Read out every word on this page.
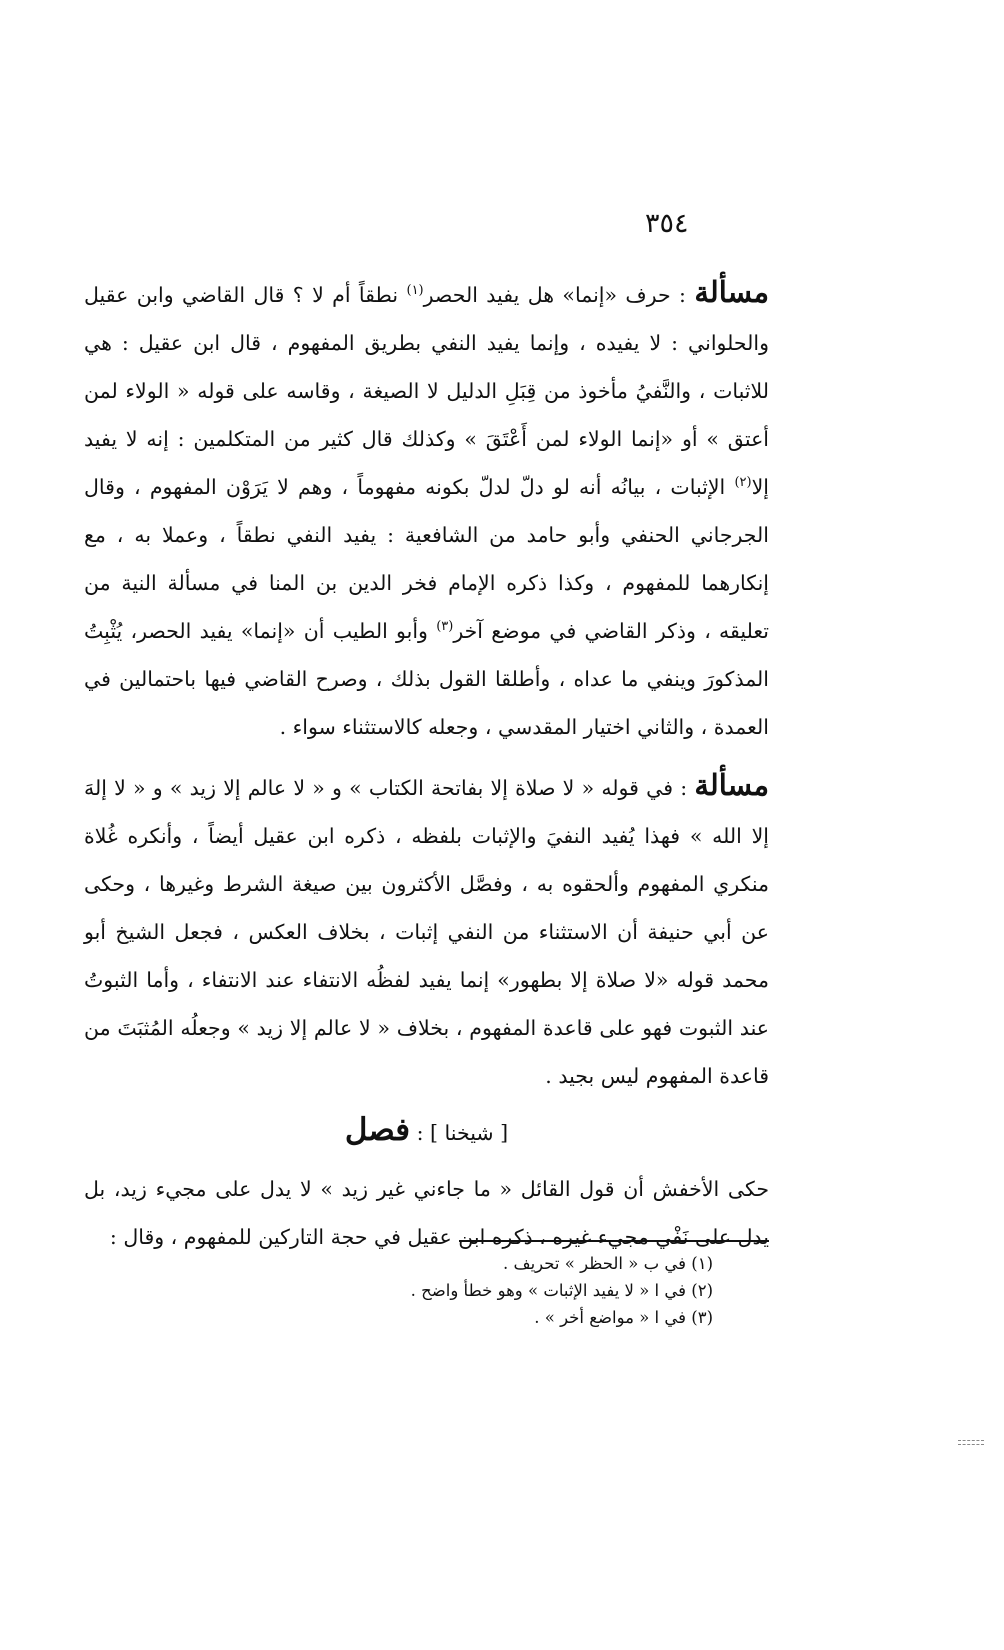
٣٥٤

مسألة : حرف «إنما» هل يفيد الحصر$^{(١)}$ نطقاً أم لا ؟ قال القاضي وابن عقيل والحلواني : لا يفيده ، وإنما يفيد النفي بطريق المفهوم ، قال ابن عقيل : هي للاثبات ، والنَّفيُ مأخوذ من قِبَلِ الدليل لا الصيغة ، وقاسه على قوله « الولاء لمن أعتق » أو «إنما الولاء لمن أَعْتَقَ » وكذلك قال كثير من المتكلمين : إنه لا يفيد إلا$^{(٢)}$ الإثبات ، بيانُه أنه لو دلّ لدلّ بكونه مفهوماً ، وهم لا يَرَوْن المفهوم ، وقال الجرجاني الحنفي وأبو حامد من الشافعية : يفيد النفي نطقاً ، وعملا به ، مع إنكارهما للمفهوم ، وكذا ذكره الإمام فخر الدين بن المنا في مسألة النية من تعليقه ، وذكر القاضي في موضع آخر$^{(٣)}$ وأبو الطيب أن «إنما» يفيد الحصر، يُثْبِتُ المذكورَ وينفي ما عداه ، وأطلقا القول بذلك ، وصرح القاضي فيها باحتمالين في العمدة ، والثاني اختيار المقدسي ، وجعله كالاستثناء سواء .

مسألة : في قوله « لا صلاة إلا بفاتحة الكتاب » و « لا عالم إلا زيد » و « لا إلهَ إلا الله » فهذا يُفيد النفيَ والإثبات بلفظه ، ذكره ابن عقيل أيضاً ، وأنكره غُلاة منكري المفهوم وألحقوه به ، وفصَّل الأكثرون بين صيغة الشرط وغيرها ، وحكى عن أبي حنيفة أن الاستثناء من النفي إثبات ، بخلاف العكس ، فجعل الشيخ أبو محمد قوله «لا صلاة إلا بطهور» إنما يفيد لفظُه الانتفاء عند الانتفاء ، وأما الثبوتُ عند الثبوت فهو على قاعدة المفهوم ، بخلاف « لا عالم إلا زيد » وجعلُه المُثبَتَ من قاعدة المفهوم ليس بجيد .

[ شيخنا ] : فصل

حكى الأخفش أن قول القائل « ما جاءني غير زيد » لا يدل على مجيء زيد، بل يدل على نَفْي مجيء غيره ، ذكره ابن عقيل في حجة التاركين للمفهوم ، وقال :

(١) في ب « الحظر » تحريف .

(٢) في ا « لا يفيد الإثبات » وهو خطأ واضح .

(٣) في ا « مواضع أخر » .
